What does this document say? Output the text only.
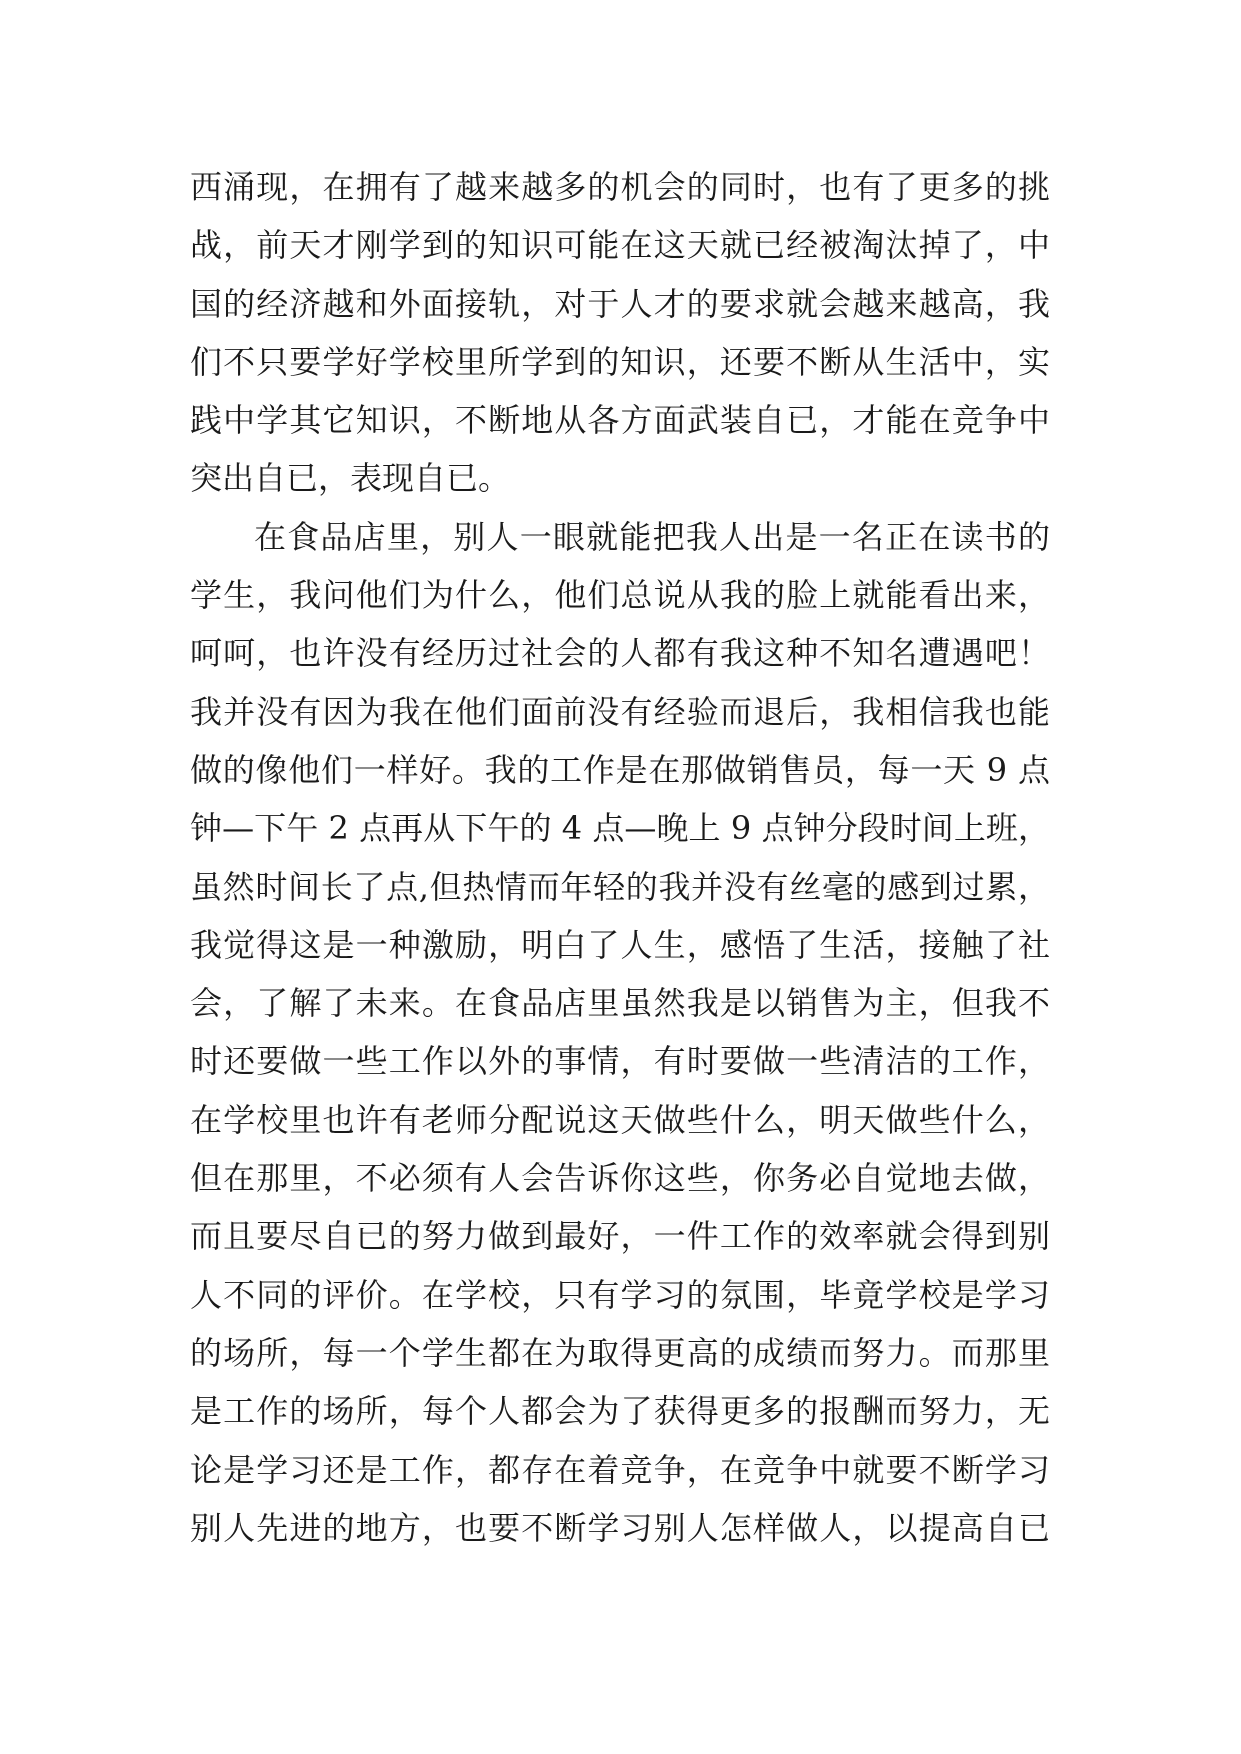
西涌现，在拥有了越来越多的机会的同时，也有了更多的挑
战，前天才刚学到的知识可能在这天就已经被淘汰掉了，中
国的经济越和外面接轨，对于人才的要求就会越来越高，我
们不只要学好学校里所学到的知识，还要不断从生活中，实
践中学其它知识，不断地从各方面武装自已，才能在竞争中
突出自已，表现自已。
在食品店里，别人一眼就能把我人出是一名正在读书的
学生，我问他们为什么，他们总说从我的脸上就能看出来，
呵呵，也许没有经历过社会的人都有我这种不知名遭遇吧！
我并没有因为我在他们面前没有经验而退后，我相信我也能
做的像他们一样好。我的工作是在那做销售员，每一天 9 点
钟—下午 2 点再从下午的 4 点—晚上 9 点钟分段时间上班，
虽然时间长了点,但热情而年轻的我并没有丝毫的感到过累，
我觉得这是一种激励，明白了人生，感悟了生活，接触了社
会，了解了未来。在食品店里虽然我是以销售为主，但我不
时还要做一些工作以外的事情，有时要做一些清洁的工作，
在学校里也许有老师分配说这天做些什么，明天做些什么，
但在那里，不必须有人会告诉你这些，你务必自觉地去做，
而且要尽自已的努力做到最好，一件工作的效率就会得到别
人不同的评价。在学校，只有学习的氛围，毕竟学校是学习
的场所，每一个学生都在为取得更高的成绩而努力。而那里
是工作的场所，每个人都会为了获得更多的报酬而努力，无
论是学习还是工作，都存在着竞争，在竞争中就要不断学习
别人先进的地方，也要不断学习别人怎样做人，以提高自已
